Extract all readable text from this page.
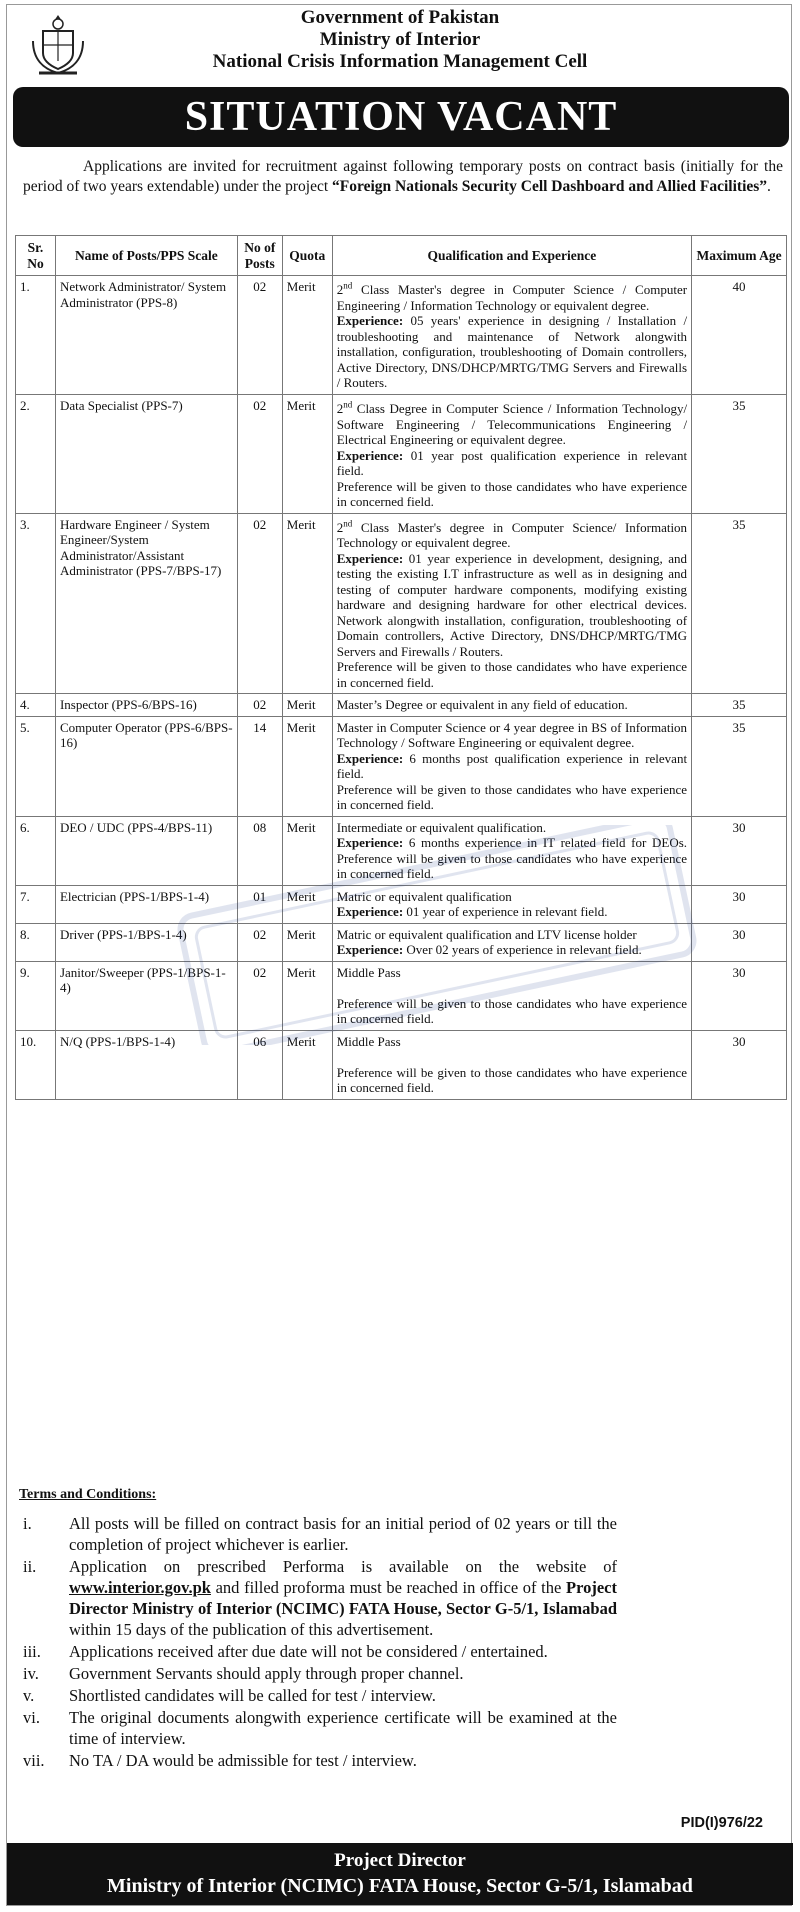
Government of Pakistan
Ministry of Interior
National Crisis Information Management Cell
SITUATION VACANT
Applications are invited for recruitment against following temporary posts on contract basis (initially for the period of two years extendable) under the project “Foreign Nationals Security Cell Dashboard and Allied Facilities”.
Sr. No	Name of Posts/PPS Scale	No of Posts	Quota	Qualification and Experience	Maximum Age
1.	Network Administrator/ System Administrator (PPS-8)	02	Merit	2nd Class Master's degree in Computer Science / Computer Engineering / Information Technology or equivalent degree.

Experience: 05 years' experience in designing / Installation / troubleshooting and maintenance of Network alongwith installation, configuration, troubleshooting of Domain controllers, Active Directory, DNS/DHCP/MRTG/TMG Servers and Firewalls / Routers.	40
2.	Data Specialist (PPS-7)	02	Merit	2nd Class Degree in Computer Science / Information Technology/ Software Engineering / Telecommunications Engineering / Electrical Engineering or equivalent degree.

Experience: 01 year post qualification experience in relevant field.

Preference will be given to those candidates who have experience in concerned field.	35
3.	Hardware Engineer / System Engineer/System Administrator/Assistant Administrator (PPS-7/BPS-17)	02	Merit	2nd Class Master's degree in Computer Science/ Information Technology or equivalent degree.

Experience: 01 year experience in development, designing, and testing the existing I.T infrastructure as well as in designing and testing of computer hardware components, modifying existing hardware and designing hardware for other electrical devices. Network alongwith installation, configuration, troubleshooting of Domain controllers, Active Directory, DNS/DHCP/MRTG/TMG Servers and Firewalls / Routers.

Preference will be given to those candidates who have experience in concerned field.	35
4.	Inspector (PPS-6/BPS-16)	02	Merit	Master’s Degree or equivalent in any field of education.	35
5.	Computer Operator (PPS-6/BPS-16)	14	Merit	Master in Computer Science or 4 year degree in BS of Information Technology / Software Engineering or equivalent degree.

Experience: 6 months post qualification experience in relevant field.

Preference will be given to those candidates who have experience in concerned field.	35
6.	DEO / UDC (PPS-4/BPS-11)	08	Merit	Intermediate or equivalent qualification.

Experience: 6 months experience in IT related field for DEOs. Preference will be given to those candidates who have experience in concerned field.	30
7.	Electrician (PPS-1/BPS-1-4)	01	Merit	Matric or equivalent qualification

Experience: 01 year of experience in relevant field.	30
8.	Driver (PPS-1/BPS-1-4)	02	Merit	Matric or equivalent qualification and LTV license holder

Experience: Over 02 years of experience in relevant field.	30
9.	Janitor/Sweeper (PPS-1/BPS-1-4)	02	Merit	Middle Pass

Preference will be given to those candidates who have experience in concerned field.	30
10.	N/Q (PPS-1/BPS-1-4)	06	Merit	Middle Pass

Preference will be given to those candidates who have experience in concerned field.	30
Terms and Conditions:
i.	All posts will be filled on contract basis for an initial period of 02 years or till the completion of project whichever is earlier.
ii.	Application on prescribed Performa is available on the website of www.interior.gov.pk and filled proforma must be reached in office of the Project Director Ministry of Interior (NCIMC) FATA House, Sector G-5/1, Islamabad within 15 days of the publication of this advertisement.
iii.	Applications received after due date will not be considered / entertained.
iv.	Government Servants should apply through proper channel.
v.	Shortlisted candidates will be called for test / interview.
vi.	The original documents alongwith experience certificate will be examined at the time of interview.
vii.	No TA / DA would be admissible for test / interview.
PID(I)976/22
Project Director
Ministry of Interior (NCIMC) FATA House, Sector G-5/1, Islamabad
